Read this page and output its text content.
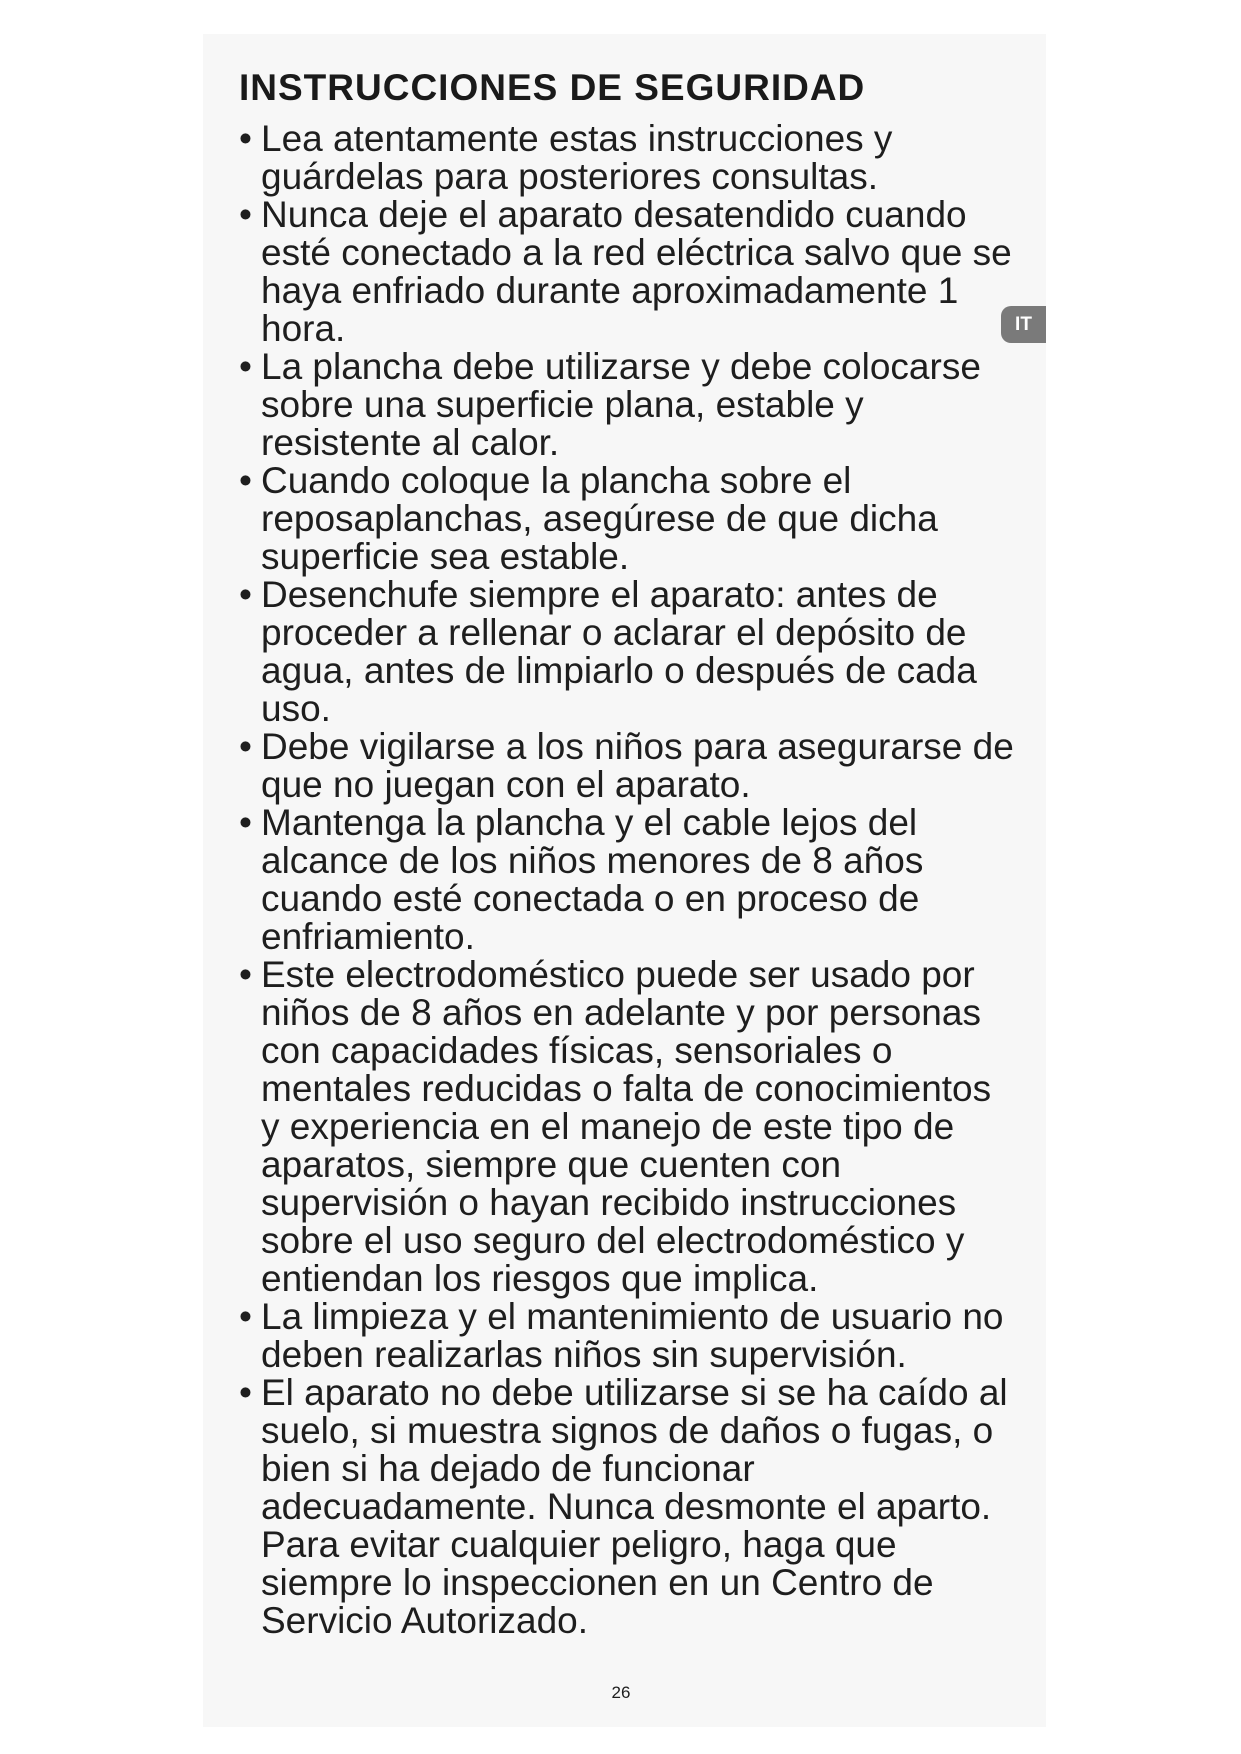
INSTRUCCIONES DE SEGURIDAD
• Lea atentamente estas instrucciones y
guárdelas para posteriores consultas.
• Nunca deje el aparato desatendido cuando
esté conectado a la red eléctrica salvo que se
haya enfriado durante aproximadamente 1
hora.
• La plancha debe utilizarse y debe colocarse
sobre una superficie plana, estable y
resistente al calor.
• Cuando coloque la plancha sobre el
reposaplanchas, asegúrese de que dicha
superficie sea estable.
• Desenchufe siempre el aparato: antes de
proceder a rellenar o aclarar el depósito de
agua, antes de limpiarlo o después de cada
uso.
• Debe vigilarse a los niños para asegurarse de
que no juegan con el aparato.
• Mantenga la plancha y el cable lejos del
alcance de los niños menores de 8 años
cuando esté conectada o en proceso de
enfriamiento.
• Este electrodoméstico puede ser usado por
niños de 8 años en adelante y por personas
con capacidades físicas, sensoriales o
mentales reducidas o falta de conocimientos
y experiencia en el manejo de este tipo de
aparatos, siempre que cuenten con
supervisión o hayan recibido instrucciones
sobre el uso seguro del electrodoméstico y
entiendan los riesgos que implica.
• La limpieza y el mantenimiento de usuario no
deben realizarlas niños sin supervisión.
• El aparato no debe utilizarse si se ha caído al
suelo, si muestra signos de daños o fugas, o
bien si ha dejado de funcionar
adecuadamente. Nunca desmonte el aparto.
Para evitar cualquier peligro, haga que
siempre lo inspeccionen en un Centro de
Servicio Autorizado.
IT
26
